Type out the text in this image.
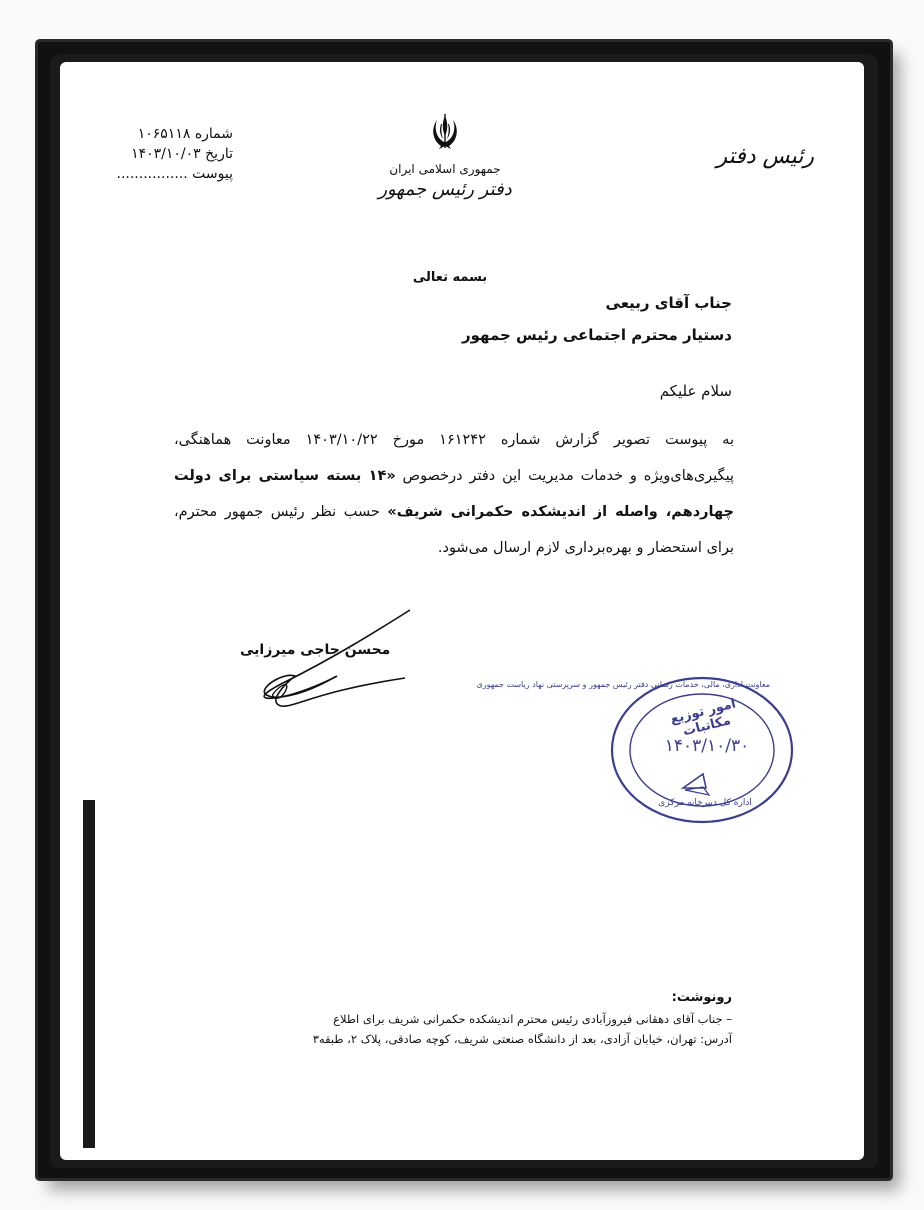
شماره ۱۰۶۵۱۱۸
تاریخ ۱۴۰۳/۱۰/۰۳
پیوست ................	جمهوری اسلامی ایران
دفتر رئیس جمهور
رئیس دفتر
بسمه تعالی
جناب آقای ربیعی
دستیار محترم اجتماعی رئیس جمهور
سلام علیکم
به پیوست تصویر گزارش شماره ۱۶۱۲۴۲ مورخ ۱۴۰۳/۱۰/۲۲ معاونت هماهنگی، پیگیری‌های‌ویژه و خدمات مدیریت این دفتر درخصوص «۱۴ بسته سیاستی برای دولت چهاردهم، واصله از اندیشکده حکمرانی شریف» حسب نظر رئیس جمهور محترم، برای استحضار و بهره‌برداری لازم ارسال می‌شود.
محسن حاجی میرزایی
معاونت اداری، مالی، خدمات رسانی دفتر رئیس جمهور و سرپرستی نهاد ریاست جمهوری
امور توزیع مکاتبات
۱۴۰۳/۱۰/۳۰
اداره کل دبیرخانه مرکزی
رونوشت:
– جناب آقای دهقانی فیروزآبادی رئیس محترم اندیشکده حکمرانی شریف برای اطلاع
آدرس: تهران، خیابان آزادی، بعد از دانشگاه صنعتی شریف، کوچه صادقی، پلاک ۲، طبقه۳
